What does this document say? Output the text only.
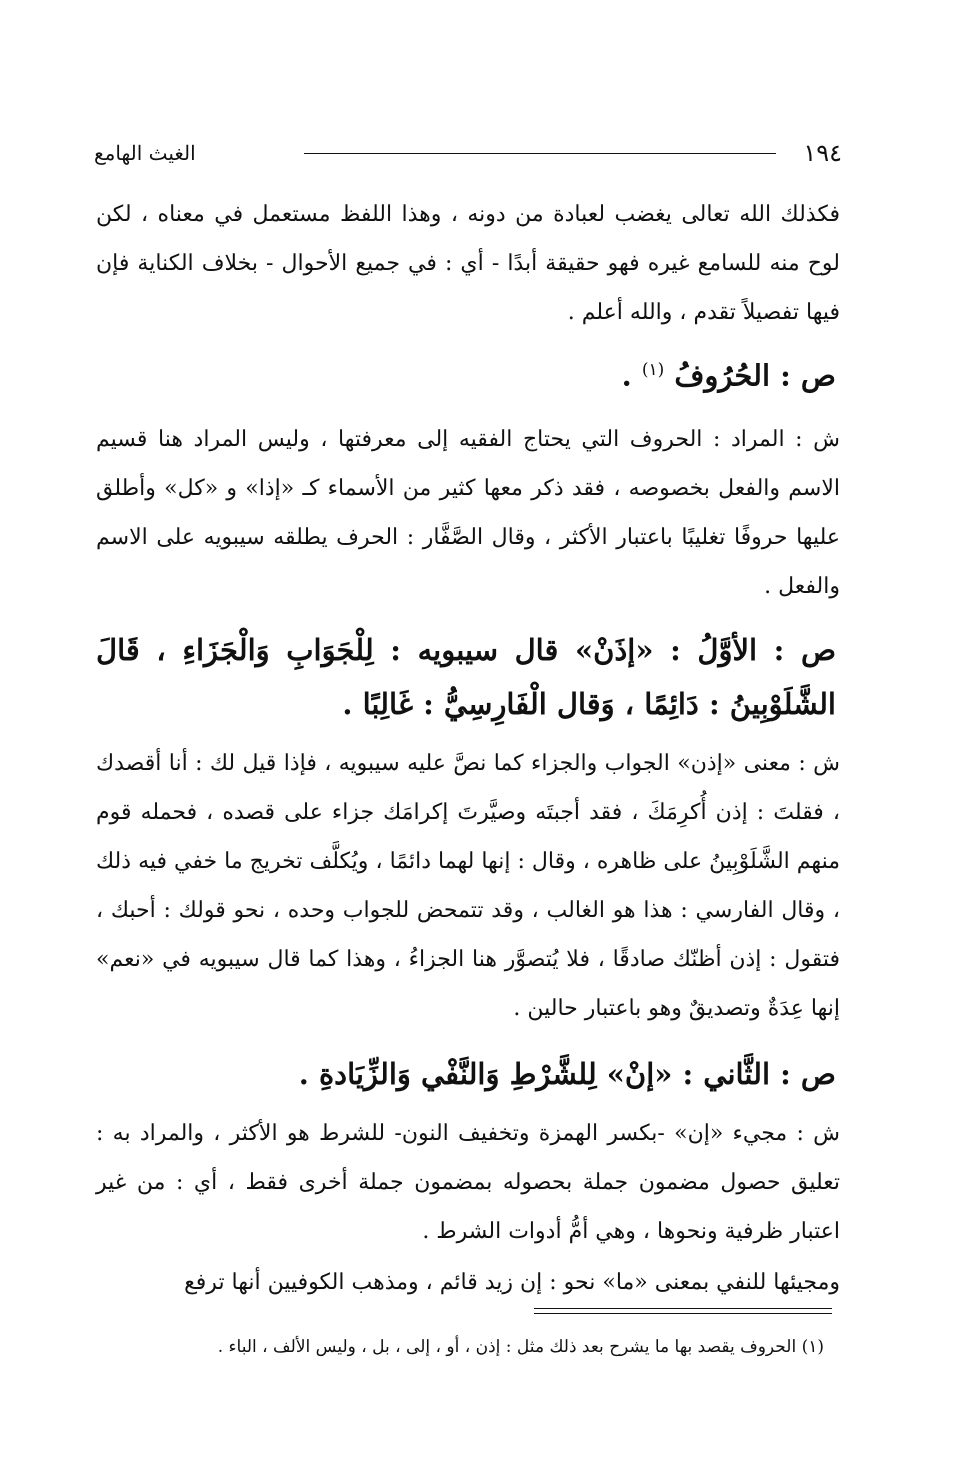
١٩٤
الغيث الهامع

فكذلك الله تعالى يغضب لعبادة من دونه ، وهذا اللفظ مستعمل في معناه ، لكن لوح منه للسامع غيره فهو حقيقة أبدًا - أي : في جميع الأحوال - بخلاف الكناية فإن فيها تفصيلاً تقدم ، والله أعلم .

ص : الحُرُوفُ $^{(١)}$ .

ش : المراد : الحروف التي يحتاج الفقيه إلى معرفتها ، وليس المراد هنا قسيم الاسم والفعل بخصوصه ، فقد ذكر معها كثير من الأسماء كـ «إذا» و «كل» وأطلق عليها حروفًا تغليبًا باعتبار الأكثر ، وقال الصَّفَّار : الحرف يطلقه سيبويه على الاسم والفعل .

ص : الأوَّلُ : «إذَنْ» قال سيبويه : لِلْجَوَابِ وَالْجَزَاءِ ، قَالَ الشَّلَوْبِينُ : دَائِمًا ، وَقال الْفَارِسِيُّ : غَالِبًا .

ش : معنى «إذن» الجواب والجزاء كما نصَّ عليه سيبويه ، فإذا قيل لك : أنا أقصدك ، فقلتَ : إذن أُكرِمَكَ ، فقد أجبتَه وصيَّرتَ إكرامَك جزاء على قصده ، فحمله قوم منهم الشَّلَوْبِينُ على ظاهره ، وقال : إنها لهما دائمًا ، ويُكلَّف تخريج ما خفي فيه ذلك ، وقال الفارسي : هذا هو الغالب ، وقد تتمحض للجواب وحده ، نحو قولك : أحبك ، فتقول : إذن أظنّك صادقًا ، فلا يُتصوَّر هنا الجزاءُ ، وهذا كما قال سيبويه في «نعم» إنها عِدَةٌ وتصديقٌ وهو باعتبار حالين .

ص : الثَّاني : «إنْ» لِلشَّرْطِ وَالنَّفْي وَالزِّيَادةِ .

ش : مجيء «إن» -بكسر الهمزة وتخفيف النون- للشرط هو الأكثر ، والمراد به : تعليق حصول مضمون جملة بحصوله بمضمون جملة أخرى فقط ، أي : من غير اعتبار ظرفية ونحوها ، وهي أمُّ أدوات الشرط .

ومجيئها للنفي بمعنى «ما» نحو : إن زيد قائم ، ومذهب الكوفيين أنها ترفع

(١) الحروف يقصد بها ما يشرح بعد ذلك مثل : إذن ، أو ، إلى ، بل ، وليس الألف ، الباء .
